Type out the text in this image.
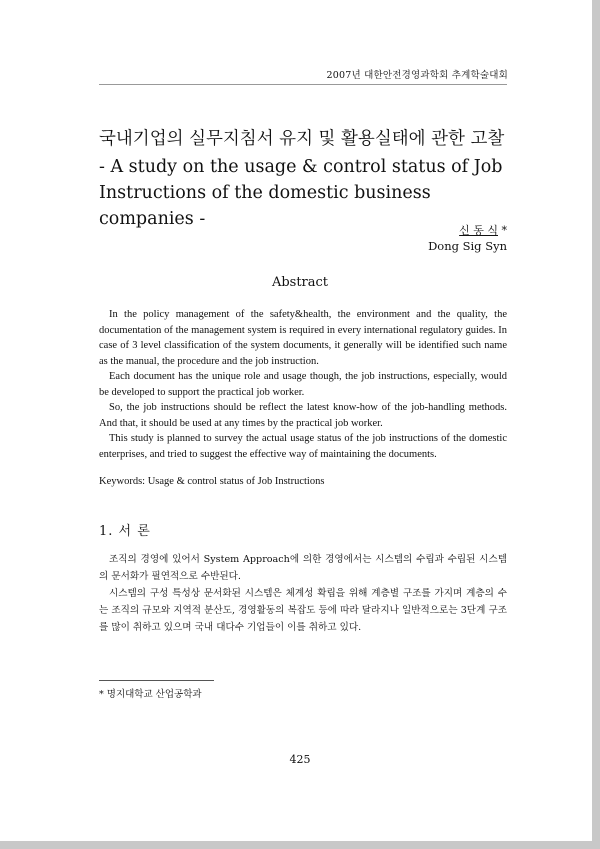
2007년 대한안전경영과학회 추계학술대회
국내기업의 실무지침서 유지 및 활용실태에 관한 고찰
- A study on the usage & control status of Job
Instructions of the domestic business companies -
신 동 식 *
Dong Sig Syn
Abstract

In the policy management of the safety&health, the environment and the quality, the documentation of the management system is required in every international regulatory guides. In case of 3 level classification of the system documents, it generally will be identified such name as the manual, the procedure and the job instruction.

Each document has the unique role and usage though, the job instructions, especially, would be developed to support the practical job worker.

So, the job instructions should be reflect the latest know-how of the job-handling methods. And that, it should be used at any times by the practical job worker.

This study is planned to survey the actual usage status of the job instructions of the domestic enterprises, and tried to suggest the effective way of maintaining the documents.

Keywords: Usage & control status of Job Instructions
1. 서 론

조직의 경영에 있어서 System Approach에 의한 경영에서는 시스템의 수립과 수립된 시스템의 문서화가 필연적으로 수반된다.

시스템의 구성 특성상 문서화된 시스템은 체계성 확립을 위해 계층별 구조를 가지며 계층의 수는 조직의 규모와 지역적 분산도, 경영활동의 복잡도 등에 따라 달라지나 일반적으로는 3단계 구조를 많이 취하고 있으며 국내 대다수 기업들이 이를 취하고 있다.

* 명지대학교 산업공학과
425
